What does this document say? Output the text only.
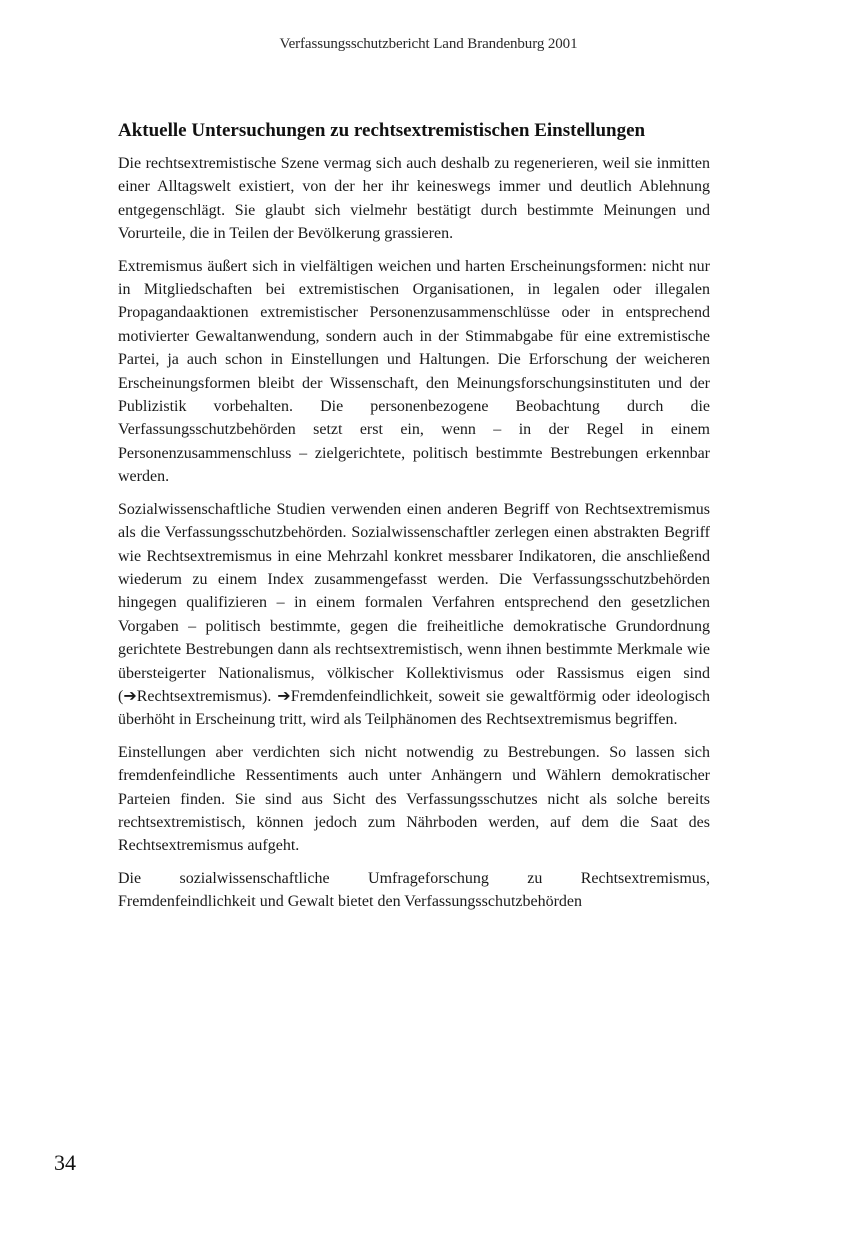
Verfassungsschutzbericht Land Brandenburg 2001
Aktuelle Untersuchungen zu rechtsextremistischen Einstellungen

Die rechtsextremistische Szene vermag sich auch deshalb zu regenerieren, weil sie inmitten einer Alltagswelt existiert, von der her ihr keineswegs immer und deutlich Ablehnung entgegenschlägt. Sie glaubt sich vielmehr bestätigt durch bestimmte Meinungen und Vorurteile, die in Teilen der Bevölkerung grassieren.

Extremismus äußert sich in vielfältigen weichen und harten Erscheinungsformen: nicht nur in Mitgliedschaften bei extremistischen Organisationen, in legalen oder illegalen Propagandaaktionen extremistischer Personenzusammenschlüsse oder in entsprechend motivierter Gewaltanwendung, sondern auch in der Stimmabgabe für eine extremistische Partei, ja auch schon in Einstellungen und Haltungen. Die Erforschung der weicheren Erscheinungsformen bleibt der Wissenschaft, den Meinungsforschungsinstituten und der Publizistik vorbehalten. Die personenbezogene Beobachtung durch die Verfassungsschutzbehörden setzt erst ein, wenn – in der Regel in einem Personenzusammenschluss – zielgerichtete, politisch bestimmte Bestrebungen erkennbar werden.

Sozialwissenschaftliche Studien verwenden einen anderen Begriff von Rechtsextremismus als die Verfassungsschutzbehörden. Sozialwissenschaftler zerlegen einen abstrakten Begriff wie Rechtsextremismus in eine Mehrzahl konkret messbarer Indikatoren, die anschließend wiederum zu einem Index zusammengefasst werden. Die Verfassungsschutzbehörden hingegen qualifizieren – in einem formalen Verfahren entsprechend den gesetzlichen Vorgaben – politisch bestimmte, gegen die freiheitliche demokratische Grundordnung gerichtete Bestrebungen dann als rechtsextremistisch, wenn ihnen bestimmte Merkmale wie übersteigerter Nationalismus, völkischer Kollektivismus oder Rassismus eigen sind (➔Rechtsextremismus). ➔Fremdenfeindlichkeit, soweit sie gewaltförmig oder ideologisch überhöht in Erscheinung tritt, wird als Teilphänomen des Rechtsextremismus begriffen.

Einstellungen aber verdichten sich nicht notwendig zu Bestrebungen. So lassen sich fremdenfeindliche Ressentiments auch unter Anhängern und Wählern demokratischer Parteien finden. Sie sind aus Sicht des Verfassungsschutzes nicht als solche bereits rechtsextremistisch, können jedoch zum Nährboden werden, auf dem die Saat des Rechtsextremismus aufgeht.

Die sozialwissenschaftliche Umfrageforschung zu Rechtsextremismus, Fremdenfeindlichkeit und Gewalt bietet den Verfassungsschutzbehörden

34
